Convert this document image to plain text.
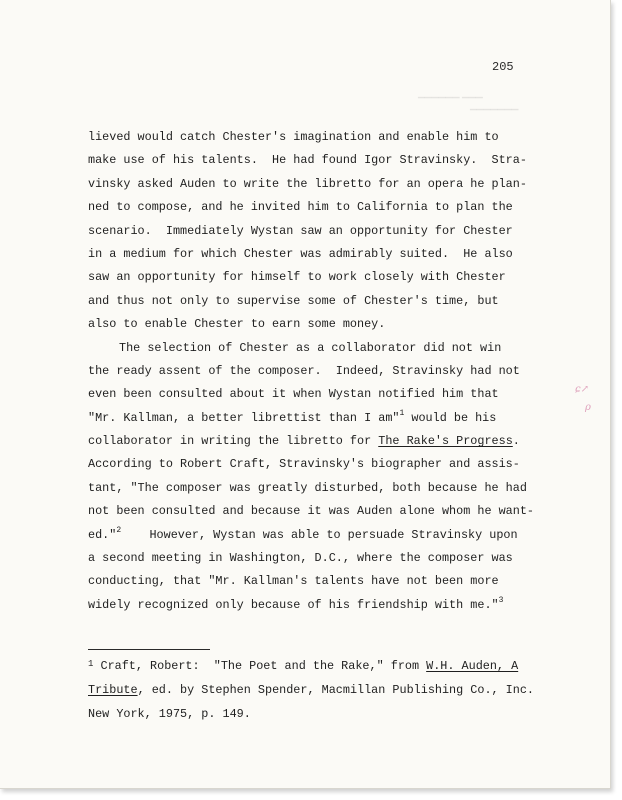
205

▁▁▁▁▁▁ ▁▁▁
▁▁▁▁▁▁▁
ɕ↗
ρ
lieved would catch Chester's imagination and enable him to
make use of his talents.  He had found Igor Stravinsky.  Stra-
vinsky asked Auden to write the libretto for an opera he plan-
ned to compose, and he invited him to California to plan the
scenario.  Immediately Wystan saw an opportunity for Chester
in a medium for which Chester was admirably suited.  He also
saw an opportunity for himself to work closely with Chester
and thus not only to supervise some of Chester's time, but
also to enable Chester to earn some money.
The selection of Chester as a collaborator did not win
the ready assent of the composer.  Indeed, Stravinsky had not
even been consulted about it when Wystan notified him that
"Mr. Kallman, a better librettist than I am"$^1$ would be his
collaborator in writing the libretto for The Rake's Progress.
According to Robert Craft, Stravinsky's biographer and assis-
tant, "The composer was greatly disturbed, both because he had
not been consulted and because it was Auden alone whom he want-
ed."$^2$    However, Wystan was able to persuade Stravinsky upon
a second meeting in Washington, D.C., where the composer was
conducting, that "Mr. Kallman's talents have not been more
widely recognized only because of his friendship with me."$^3$
$^1$ Craft, Robert:  "The Poet and the Rake," from W.H. Auden, A
Tribute, ed. by Stephen Spender, Macmillan Publishing Co., Inc.
New York, 1975, p. 149.
